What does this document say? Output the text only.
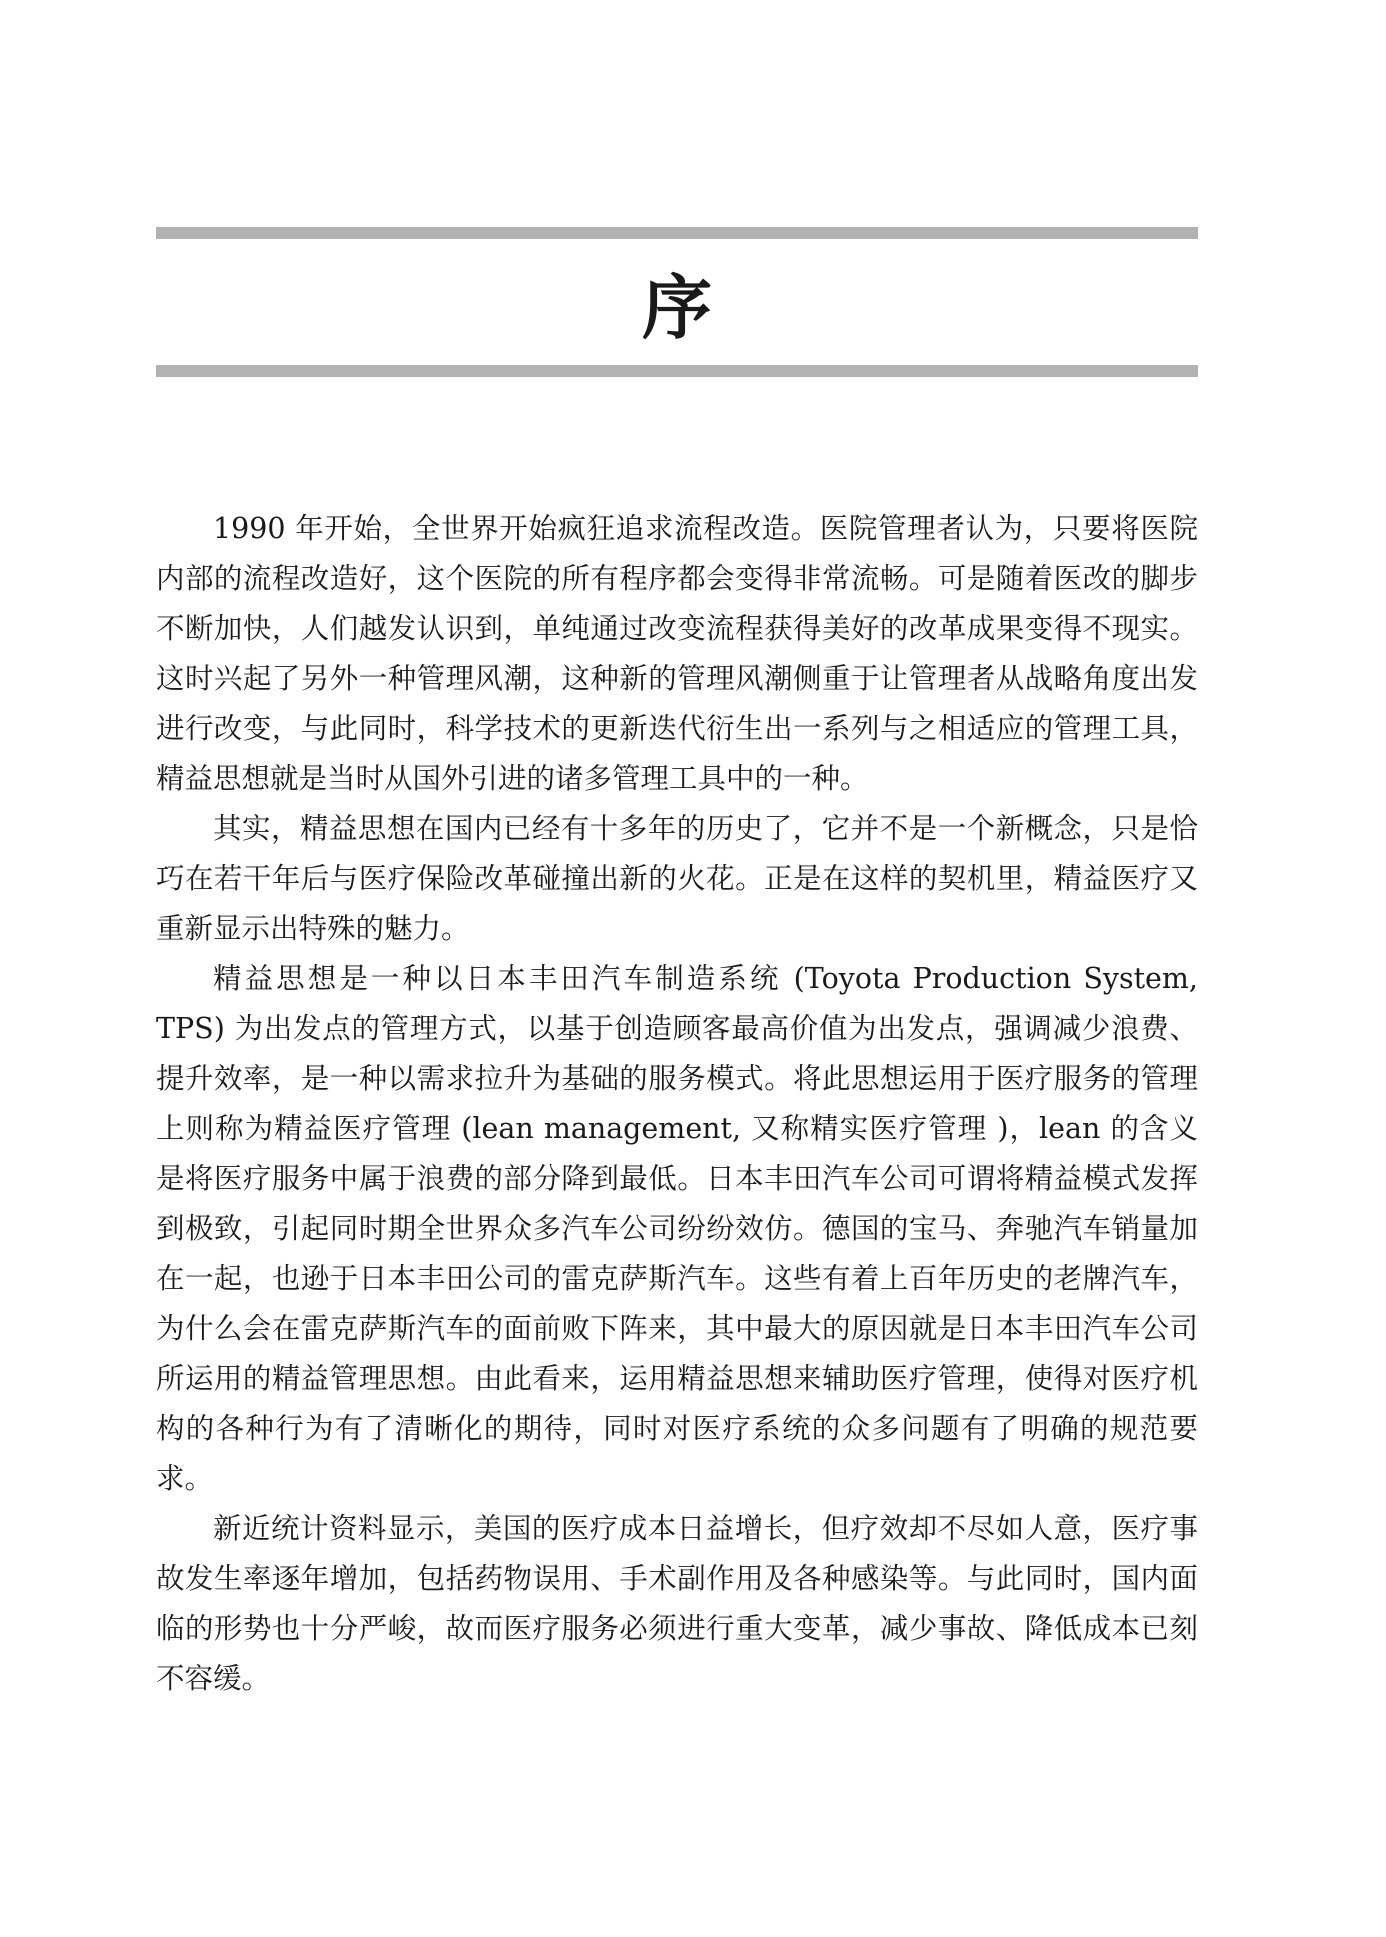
序

1990 年开始，全世界开始疯狂追求流程改造。医院管理者认为，只要将医院内部的流程改造好，这个医院的所有程序都会变得非常流畅。可是随着医改的脚步不断加快，人们越发认识到，单纯通过改变流程获得美好的改革成果变得不现实。这时兴起了另外一种管理风潮，这种新的管理风潮侧重于让管理者从战略角度出发进行改变，与此同时，科学技术的更新迭代衍生出一系列与之相适应的管理工具，精益思想就是当时从国外引进的诸多管理工具中的一种。

其实，精益思想在国内已经有十多年的历史了，它并不是一个新概念，只是恰巧在若干年后与医疗保险改革碰撞出新的火花。正是在这样的契机里，精益医疗又重新显示出特殊的魅力。

精益思想是一种以日本丰田汽车制造系统 (Toyota Production System, TPS) 为出发点的管理方式，以基于创造顾客最高价值为出发点，强调减少浪费、提升效率，是一种以需求拉升为基础的服务模式。将此思想运用于医疗服务的管理上则称为精益医疗管理 (lean management, 又称精实医疗管理 )，lean 的含义是将医疗服务中属于浪费的部分降到最低。日本丰田汽车公司可谓将精益模式发挥到极致，引起同时期全世界众多汽车公司纷纷效仿。德国的宝马、奔驰汽车销量加在一起，也逊于日本丰田公司的雷克萨斯汽车。这些有着上百年历史的老牌汽车，为什么会在雷克萨斯汽车的面前败下阵来，其中最大的原因就是日本丰田汽车公司所运用的精益管理思想。由此看来，运用精益思想来辅助医疗管理，使得对医疗机构的各种行为有了清晰化的期待，同时对医疗系统的众多问题有了明确的规范要求。

新近统计资料显示，美国的医疗成本日益增长，但疗效却不尽如人意，医疗事故发生率逐年增加，包括药物误用、手术副作用及各种感染等。与此同时，国内面临的形势也十分严峻，故而医疗服务必须进行重大变革，减少事故、降低成本已刻不容缓。
